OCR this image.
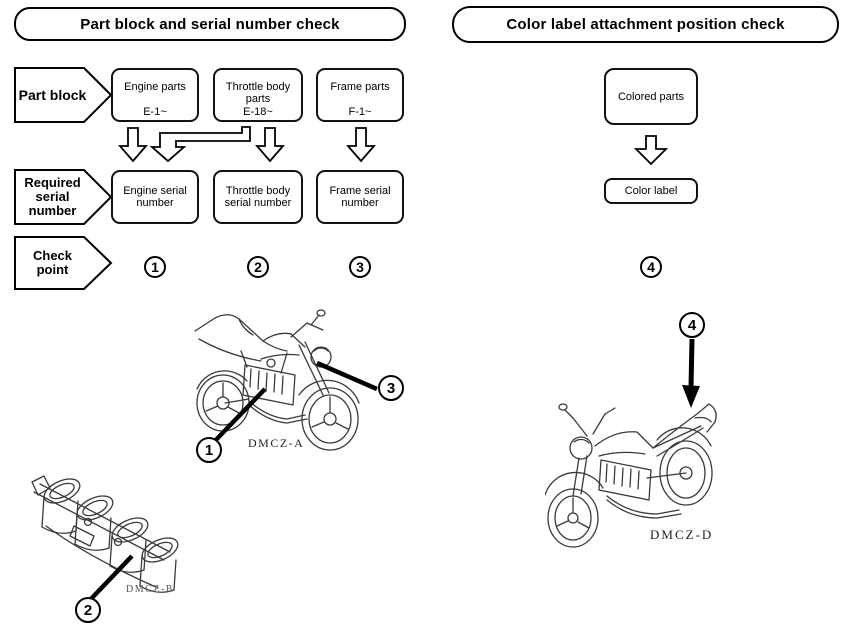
Part block and serial number check	Color label attachment position check
Part block
Required serial number
Check point
Engine parts
E-1~
Throttle body parts
E-18~
Frame parts
F-1~
Engine serial number
Throttle body serial number
Frame serial number
1	2	3	4
Colored parts
Color label
1
3
DMCZ-A
2
DMCZ-B
4
DMCZ-D
